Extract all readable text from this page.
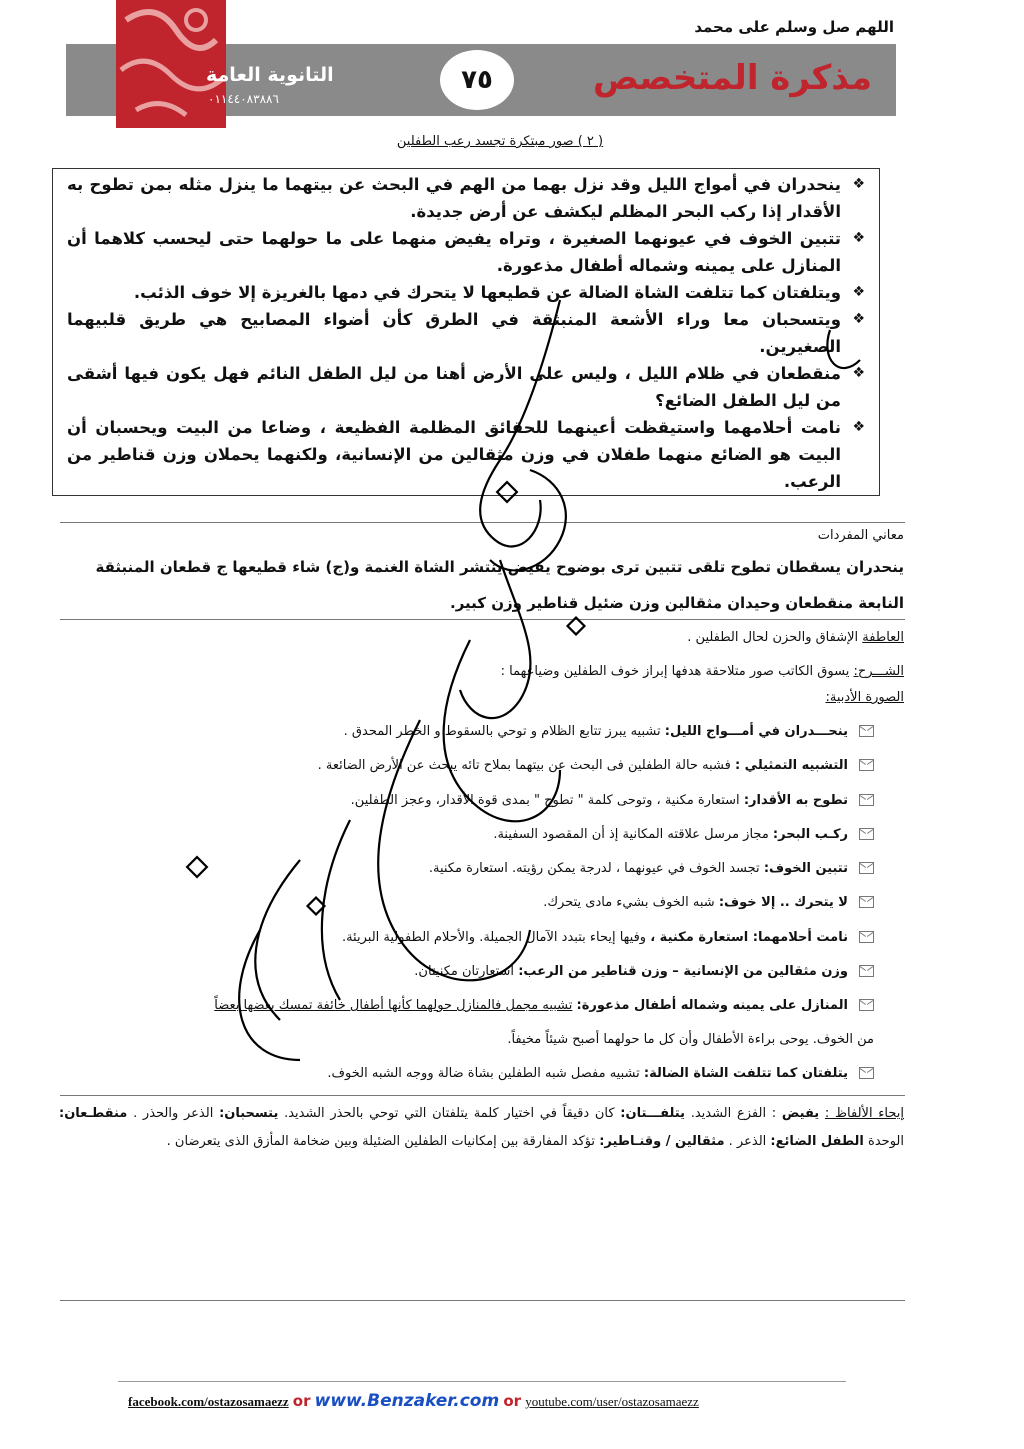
اللهم صل وسلم على محمد
التانوية العامة
٠١١٤٤٠٨٣٨٨٦
٧٥	مذكرة المتخصص
( ٢ ) صور مبتكرة تجسد رعب الطفلين
❖
ينحدران في أمواج الليل وقد نزل بهما من الهم في البحث عن بيتهما ما ينزل مثله بمن تطوح به الأقدار إذا ركب البحر المظلم ليكشف عن أرض جديدة.
❖
تتبين الخوف في عيونهما الصغيرة ، وتراه يفيض منهما على ما حولهما حتى ليحسب كلاهما أن المنازل على يمينه وشماله أطفال مذعورة.
❖
ويتلفتان كما تتلفت الشاة الضالة عن قطيعها لا يتحرك في دمها بالغريزة إلا خوف الذئب.
❖
ويتسحبان معا وراء الأشعة المنبثقة في الطرق كأن أضواء المصابيح هي طريق قلبيهما الصغيرين.
❖
منقطعان في ظلام الليل ، وليس على الأرض أهنا من ليل الطفل النائم فهل يكون فيها أشقى من ليل الطفل الضائع؟
❖
نامت أحلامهما واستيقظت أعينهما للحقائق المظلمة الفظيعة ، وضاعا من البيت ويحسبان أن البيت هو الضائع منهما طفلان في وزن مثقالين من الإنسانية، ولكنهما يحملان وزن قناطير من الرعب.
معاني المفردات
ينحدران يسقطان تطوح تلقى تتبين ترى بوضوح يفيض ينتشر الشاة الغنمة و(ج) شاء قطيعها ج قطعان المنبثقة
النابعة منقطعان وحيدان مثقالين وزن ضئيل قناطير وزن كبير.
العاطفة الإشفاق والحزن لحال الطفلين .
الشـــرح: يسوق الكاتب صور متلاحقة هدفها إبراز خوف الطفلين وضياعهما :
الصورة الأدبية:
ينحـــدران في أمـــواج الليل: تشبيه يبرز تتابع الظلام و توحي بالسقوط و الخطر المحدق .
التشبيه التمثيلي : فشبه حالة الطفلين فى البحث عن بيتهما بملاح تائه يبحث عن الأرض الضائعة .
تطوح به الأقدار: استعارة مكنية ، وتوحى كلمة " تطوح " بمدى قوة الأقدار، وعجز الطفلين.
ركـب البحر: مجاز مرسل علاقته المكانية إذ أن المقصود السفينة.
تتبين الخوف: تجسد الخوف في عيونهما ، لدرجة يمكن رؤيته. استعارة مكنية.
لا يتحرك .. إلا خوف: شبه الخوف بشيء مادى يتحرك.
نامت أحلامهما: استعارة مكنية ، وفيها إيحاء بتبدد الآمال الجميلة. والأحلام الطفولية البريئة.
وزن مثقالين من الإنسانية – وزن قناطير من الرعب: استعارتان مكنيتان.
المنازل على يمينه وشماله أطفال مذعورة: تشبيه مجمل فالمنازل حولهما كأنها أطفال خائفة تمسك بعضها بعضاً
من الخوف. يوحى براءة الأطفال وأن كل ما حولهما أصبح شيئاً مخيفاً.
يتلفتان كما تتلفت الشاة الضالة: تشبيه مفصل شبه الطفلين بشاة ضالة ووجه الشبه الخوف.
إيحاء الألفاظ : يفيض : الفزع الشديد. يتلفـــتان: كان دقيقاً في اختيار كلمة يتلفتان التي توحي بالحذر الشديد. يتسحبان: الذعر والحذر . منقطـعان: الوحدة الطفل الضائع: الذعر . مثقالين / وقنـاطير: تؤكد المفارقة بين إمكانيات الطفلين الضئيلة وبين ضخامة المأزق الذى يتعرضان .
facebook.com/ostazosamaezz or www.Benzaker.com or youtube.com/user/ostazosamaezz
